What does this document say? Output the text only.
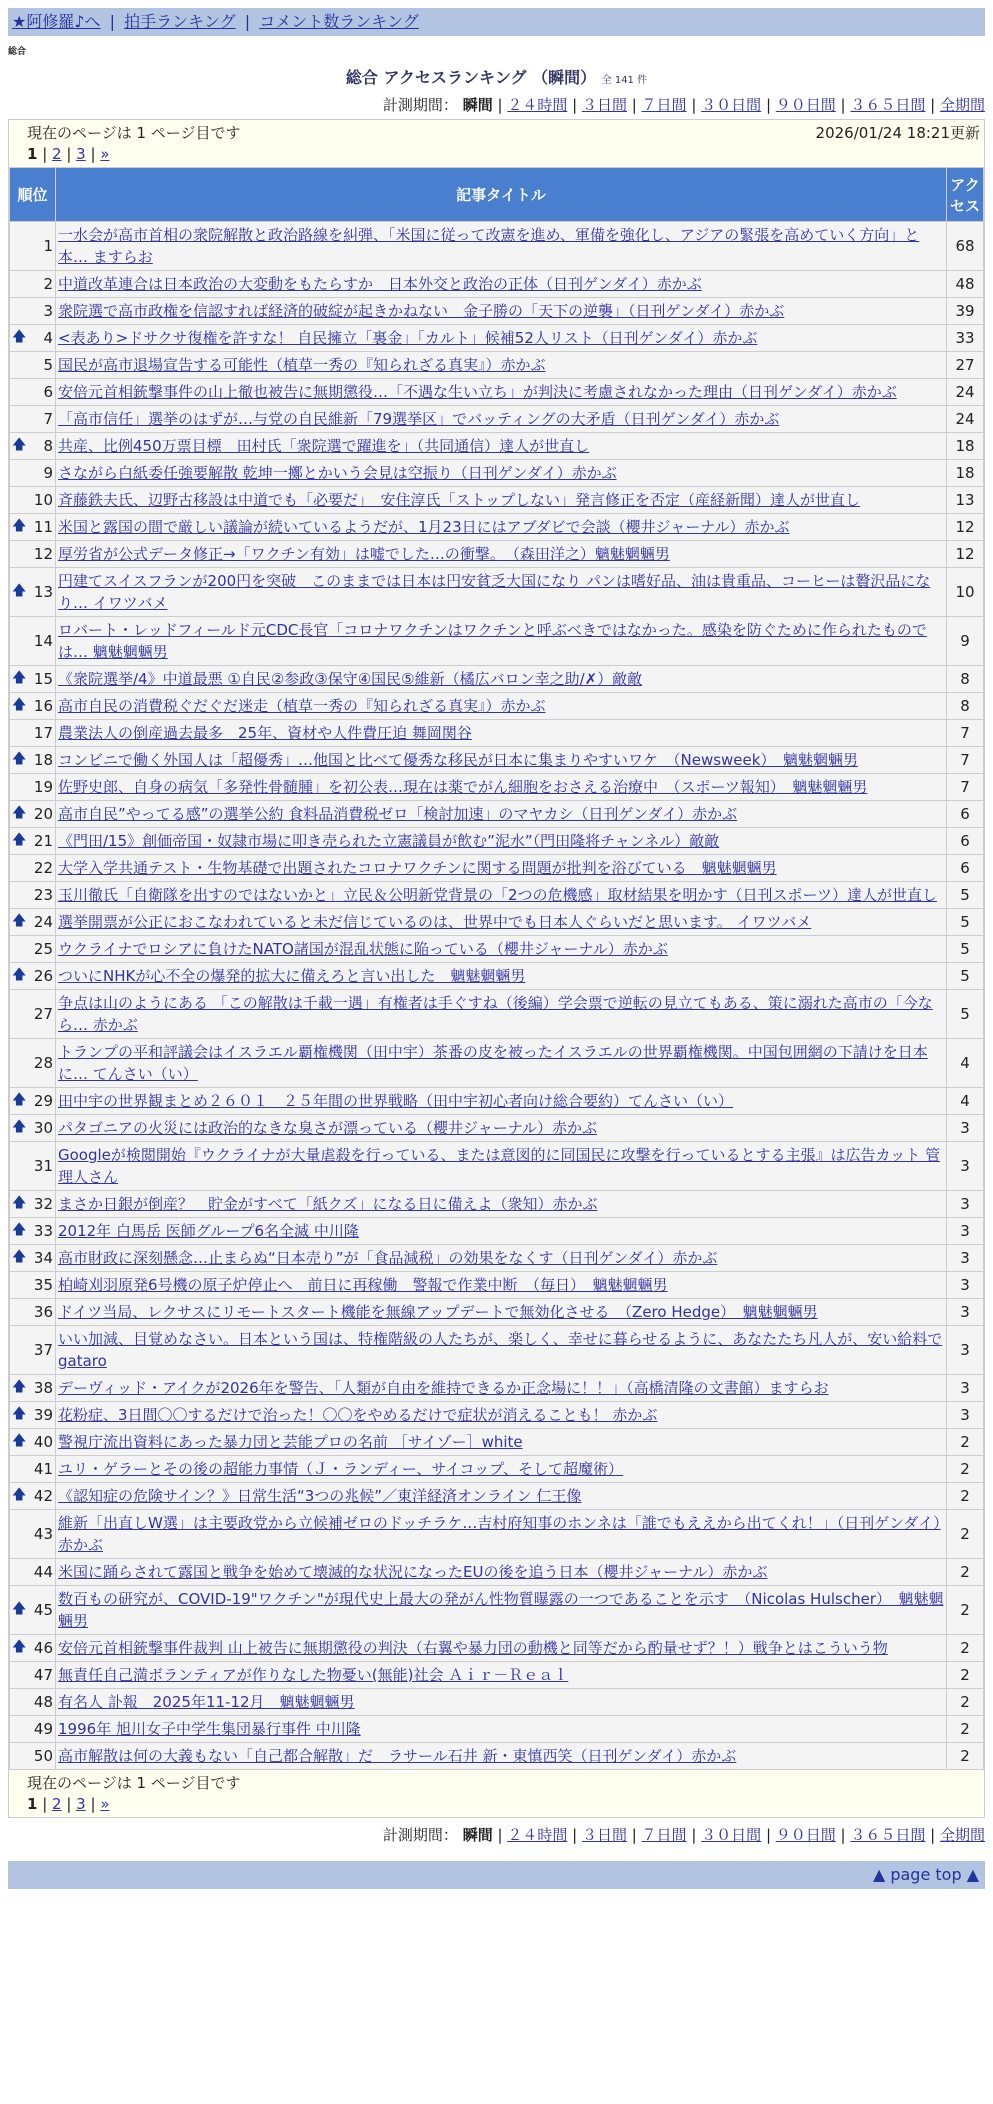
★阿修羅♪へ | 拍手ランキング | コメント数ランキング
総合
総合 アクセスランキング （瞬間） 全 141 件
計測期間： 瞬間 | ２４時間 | ３日間 | ７日間 | ３０日間 | ９０日間 | ３６５日間 | 全期間
現在のページは 1 ページ目です	2026/01/24 18:21更新
1 | 2 | 3 | »
順位	記事タイトル	アクセス
1	一水会が高市首相の衆院解散と政治路線を糾弾、「米国に従って改憲を進め、軍備を強化し、アジアの緊張を高めていく方向」と本… ますらお	68
2	中道改革連合は日本政治の大変動をもたらすか　日本外交と政治の正体（日刊ゲンダイ）赤かぶ	48
3	衆院選で高市政権を信認すれば経済的破綻が起きかねない　金子勝の「天下の逆襲」（日刊ゲンダイ）赤かぶ	39

🡅 4	<表あり>ドサクサ復権を許すな！ 自民擁立「裏金」「カルト」候補52人リスト（日刊ゲンダイ）赤かぶ	33
5	国民が高市退場宣告する可能性（植草一秀の『知られざる真実』）赤かぶ	27
6	安倍元首相銃撃事件の山上徹也被告に無期懲役…「不遇な生い立ち」が判決に考慮されなかった理由（日刊ゲンダイ）赤かぶ	24
7	「高市信任」選挙のはずが…与党の自民維新「79選挙区」でバッティングの大矛盾（日刊ゲンダイ）赤かぶ	24

🡅 8	共産、比例450万票目標　田村氏「衆院選で躍進を」（共同通信）達人が世直し	18
9	さながら白紙委任強要解散 乾坤一擲とかいう会見は空振り（日刊ゲンダイ）赤かぶ	18
10	斉藤鉄夫氏、辺野古移設は中道でも「必要だ」　安住淳氏「ストップしない」発言修正を否定（産経新聞）達人が世直し	13

🡅 11	米国と露国の間で厳しい議論が続いているようだが、1月23日にはアブダビで会談（櫻井ジャーナル）赤かぶ	12
12	厚労省が公式データ修正→「ワクチン有効」は嘘でした…の衝撃。　（森田洋之）魑魅魍魎男	12

🡅 13	円建てスイスフランが200円を突破　このままでは日本は円安貧乏大国になり パンは嗜好品、油は貴重品、コーヒーは贅沢品になり… イワツバメ	10
14	ロバート・レッドフィールド元CDC長官「コロナワクチンはワクチンと呼ぶべきではなかった。感染を防ぐために作られたものでは… 魑魅魍魎男	9

🡅 15	《衆院選挙/4》中道最悪 ①自民②参政③保守④国民⑤維新（橘広バロン幸之助/✗）敵敵	8

🡅 16	高市自民の消費税ぐだぐだ迷走（植草一秀の『知られざる真実』）赤かぶ	8
17	農業法人の倒産過去最多　25年、資材や人件費圧迫 舞岡関谷	7

🡅 18	コンビニで働く外国人は「超優秀」…他国と比べて優秀な移民が日本に集まりやすいワケ　（Newsweek）　魑魅魍魎男	7
19	佐野史郎、自身の病気「多発性骨髄腫」を初公表…現在は薬でがん細胞をおさえる治療中　（スポーツ報知）　魑魅魍魎男	7

🡅 20	高市自民”やってる感”の選挙公約 食料品消費税ゼロ「検討加速」のマヤカシ（日刊ゲンダイ）赤かぶ	6

🡅 21	《門田/15》創価帝国・奴隷市場に叩き売られた立憲議員が飲む”泥水”（門田隆将チャンネル）敵敵	6
22	大学入学共通テスト・生物基礎で出題されたコロナワクチンに関する問題が批判を浴びている　魑魅魍魎男	6
23	玉川徹氏「自衛隊を出すのではないかと」立民＆公明新党背景の「2つの危機感」取材結果を明かす（日刊スポーツ）達人が世直し	5

🡅 24	選挙開票が公正におこなわれていると未だ信じているのは、世界中でも日本人ぐらいだと思います。 イワツバメ	5
25	ウクライナでロシアに負けたNATO諸国が混乱状態に陥っている（櫻井ジャーナル）赤かぶ	5

🡅 26	ついにNHKが心不全の爆発的拡大に備えろと言い出した　魑魅魍魎男	5
27	争点は山のようにある 「この解散は千載一遇」有権者は手ぐすね（後編）学会票で逆転の見立てもある、策に溺れた高市の「今なら… 赤かぶ	5
28	トランプの平和評議会はイスラエル覇権機関（田中宇）茶番の皮を被ったイスラエルの世界覇権機関。中国包囲網の下請けを日本に… てんさい（い）	4

🡅 29	田中宇の世界観まとめ２６０１　２５年間の世界戦略（田中宇初心者向け総合要約）てんさい（い）	4

🡅 30	パタゴニアの火災には政治的なきな臭さが漂っている（櫻井ジャーナル）赤かぶ	3
31	Googleが検閲開始『ウクライナが大量虐殺を行っている、または意図的に同国民に攻撃を行っているとする主張』は広告カット 管理人さん	3

🡅 32	まさか日銀が倒産？　貯金がすべて「紙クズ」になる日に備えよ（衆知）赤かぶ	3

🡅 33	2012年 白馬岳 医師グループ6名全滅 中川隆	3

🡅 34	高市財政に深刻懸念…止まらぬ“日本売り”が「食品減税」の効果をなくす（日刊ゲンダイ）赤かぶ	3
35	柏崎刈羽原発6号機の原子炉停止へ　前日に再稼働　警報で作業中断　（毎日）　魑魅魍魎男	3
36	ドイツ当局、レクサスにリモートスタート機能を無線アップデートで無効化させる　（Zero Hedge）　魑魅魍魎男	3
37	いい加減、目覚めなさい。日本という国は、特権階級の人たちが、楽しく、幸せに暮らせるように、あなたたち凡人が、安い給料で gataro	3

🡅 38	デーヴィッド・アイクが2026年を警告、「人類が自由を維持できるか正念場に！！」（高橋清隆の文書館）ますらお	3

🡅 39	花粉症、3日間〇〇するだけで治った！〇〇をやめるだけで症状が消えることも！ 赤かぶ	3

🡅 40	警視庁流出資料にあった暴力団と芸能プロの名前 ［サイゾー］white	2
41	ユリ・ゲラーとその後の超能力事情（Ｊ・ランディー、サイコップ、そして超魔術）	2

🡅 42	《認知症の危険サイン？》日常生活“3つの兆候”／東洋経済オンライン 仁王像	2
43	維新「出直しW選」は主要政党から立候補ゼロのドッチラケ…吉村府知事のホンネは「誰でもええから出てくれ！」（日刊ゲンダイ）赤かぶ	2
44	米国に踊らされて露国と戦争を始めて壊滅的な状況になったEUの後を追う日本（櫻井ジャーナル）赤かぶ	2

🡅 45	数百もの研究が、COVID-19"ワクチン"が現代史上最大の発がん性物質曝露の一つであることを示す　（Nicolas Hulscher）　魑魅魍魎男	2

🡅 46	安倍元首相銃撃事件裁判 山上被告に無期懲役の判決（右翼や暴力団の動機と同等だから酌量せず？！）戦争とはこういう物	2
47	無責任自己満ボランティアが作りなした物憂い(無能)社会 Ａｉｒ－Ｒｅａｌ	2
48	有名人 訃報　2025年11-12月　魑魅魍魎男	2
49	1996年 旭川女子中学生集団暴行事件 中川隆	2
50	高市解散は何の大義もない「自己都合解散」だ　ラサール石井 新・東慎西笑（日刊ゲンダイ）赤かぶ	2
現在のページは 1 ページ目です
1 | 2 | 3 | »
計測期間： 瞬間 | ２４時間 | ３日間 | ７日間 | ３０日間 | ９０日間 | ３６５日間 | 全期間
▲ page top ▲
